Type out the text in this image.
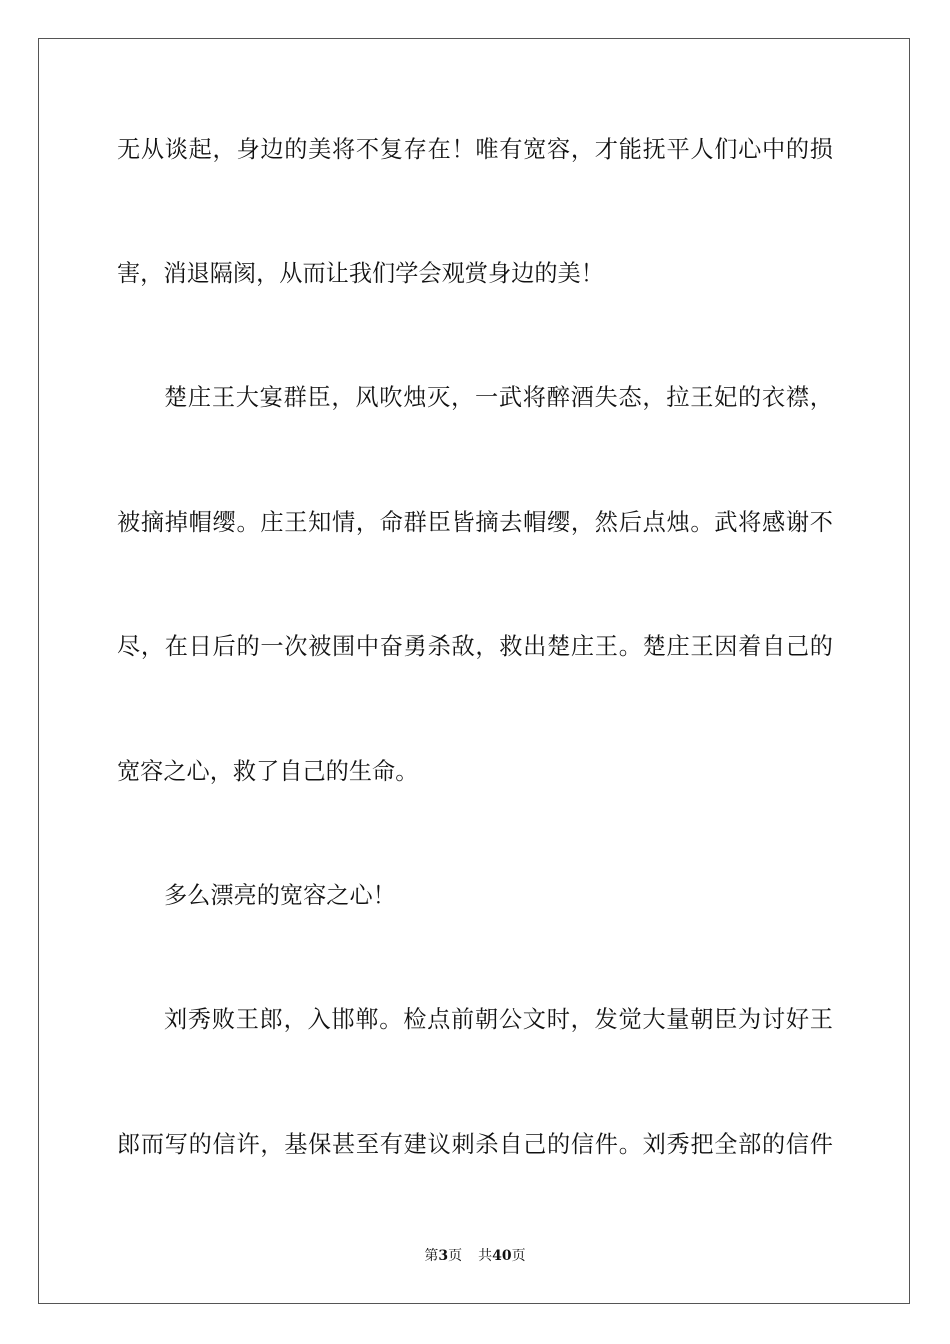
无从谈起，身边的美将不复存在！唯有宽容，才能抚平人们心中的损
害，消退隔阂，从而让我们学会观赏身边的美！
楚庄王大宴群臣，风吹烛灭，一武将醉酒失态，拉王妃的衣襟，
被摘掉帽缨。庄王知情，命群臣皆摘去帽缨，然后点烛。武将感谢不
尽，在日后的一次被围中奋勇杀敌，救出楚庄王。楚庄王因着自己的
宽容之心，救了自己的生命。
多么漂亮的宽容之心！
刘秀败王郎，入邯郸。检点前朝公文时，发觉大量朝臣为讨好王
郎而写的信许，基保甚至有建议刺杀自己的信件。刘秀把全部的信件
第3页 共40页
